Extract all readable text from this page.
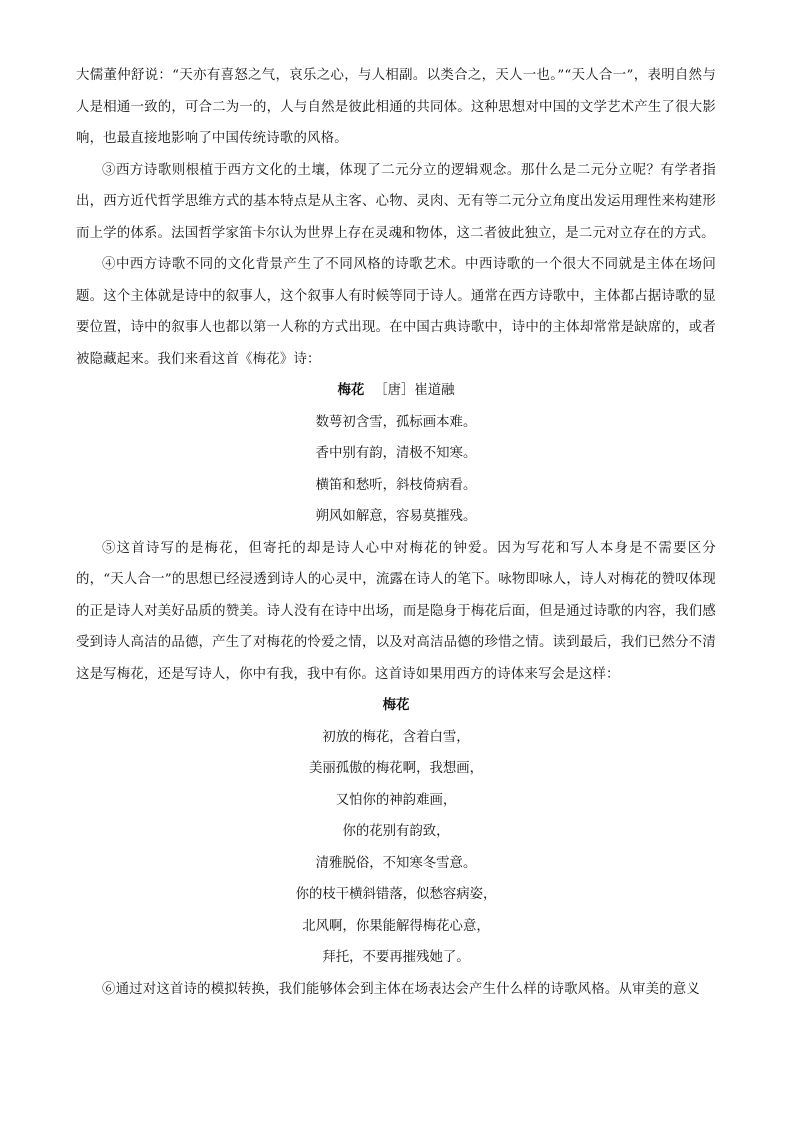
大儒董仲舒说：“天亦有喜怒之气，哀乐之心，与人相副。以类合之，天人一也。”“天人合一”，表明自然与人是相通一致的，可合二为一的，人与自然是彼此相通的共同体。这种思想对中国的文学艺术产生了很大影响，也最直接地影响了中国传统诗歌的风格。

③西方诗歌则根植于西方文化的土壤，体现了二元分立的逻辑观念。那什么是二元分立呢？有学者指出，西方近代哲学思维方式的基本特点是从主客、心物、灵肉、无有等二元分立角度出发运用理性来构建形而上学的体系。法国哲学家笛卡尔认为世界上存在灵魂和物体，这二者彼此独立，是二元对立存在的方式。

④中西方诗歌不同的文化背景产生了不同风格的诗歌艺术。中西诗歌的一个很大不同就是主体在场问题。这个主体就是诗中的叙事人，这个叙事人有时候等同于诗人。通常在西方诗歌中，主体都占据诗歌的显要位置，诗中的叙事人也都以第一人称的方式出现。在中国古典诗歌中，诗中的主体却常常是缺席的，或者被隐藏起来。我们来看这首《梅花》诗：

梅花 ［唐］崔道融

数萼初含雪，孤标画本难。
香中别有韵，清极不知寒。
横笛和愁听，斜枝倚病看。
朔风如解意，容易莫摧残。

⑤这首诗写的是梅花，但寄托的却是诗人心中对梅花的钟爱。因为写花和写人本身是不需要区分的，“天人合一”的思想已经浸透到诗人的心灵中，流露在诗人的笔下。咏物即咏人，诗人对梅花的赞叹体现的正是诗人对美好品质的赞美。诗人没有在诗中出场，而是隐身于梅花后面，但是通过诗歌的内容，我们感受到诗人高洁的品德，产生了对梅花的怜爱之情，以及对高洁品德的珍惜之情。读到最后，我们已然分不清这是写梅花，还是写诗人，你中有我，我中有你。这首诗如果用西方的诗体来写会是这样：

梅花

初放的梅花，含着白雪，
美丽孤傲的梅花啊，我想画，
又怕你的神韵难画，
你的花别有韵致，
清雅脱俗，不知寒冬雪意。
你的枝干横斜错落，似愁容病姿，
北风啊，你果能解得梅花心意，
拜托，不要再摧残她了。

⑥通过对这首诗的模拟转换，我们能够体会到主体在场表达会产生什么样的诗歌风格。从审美的意义
